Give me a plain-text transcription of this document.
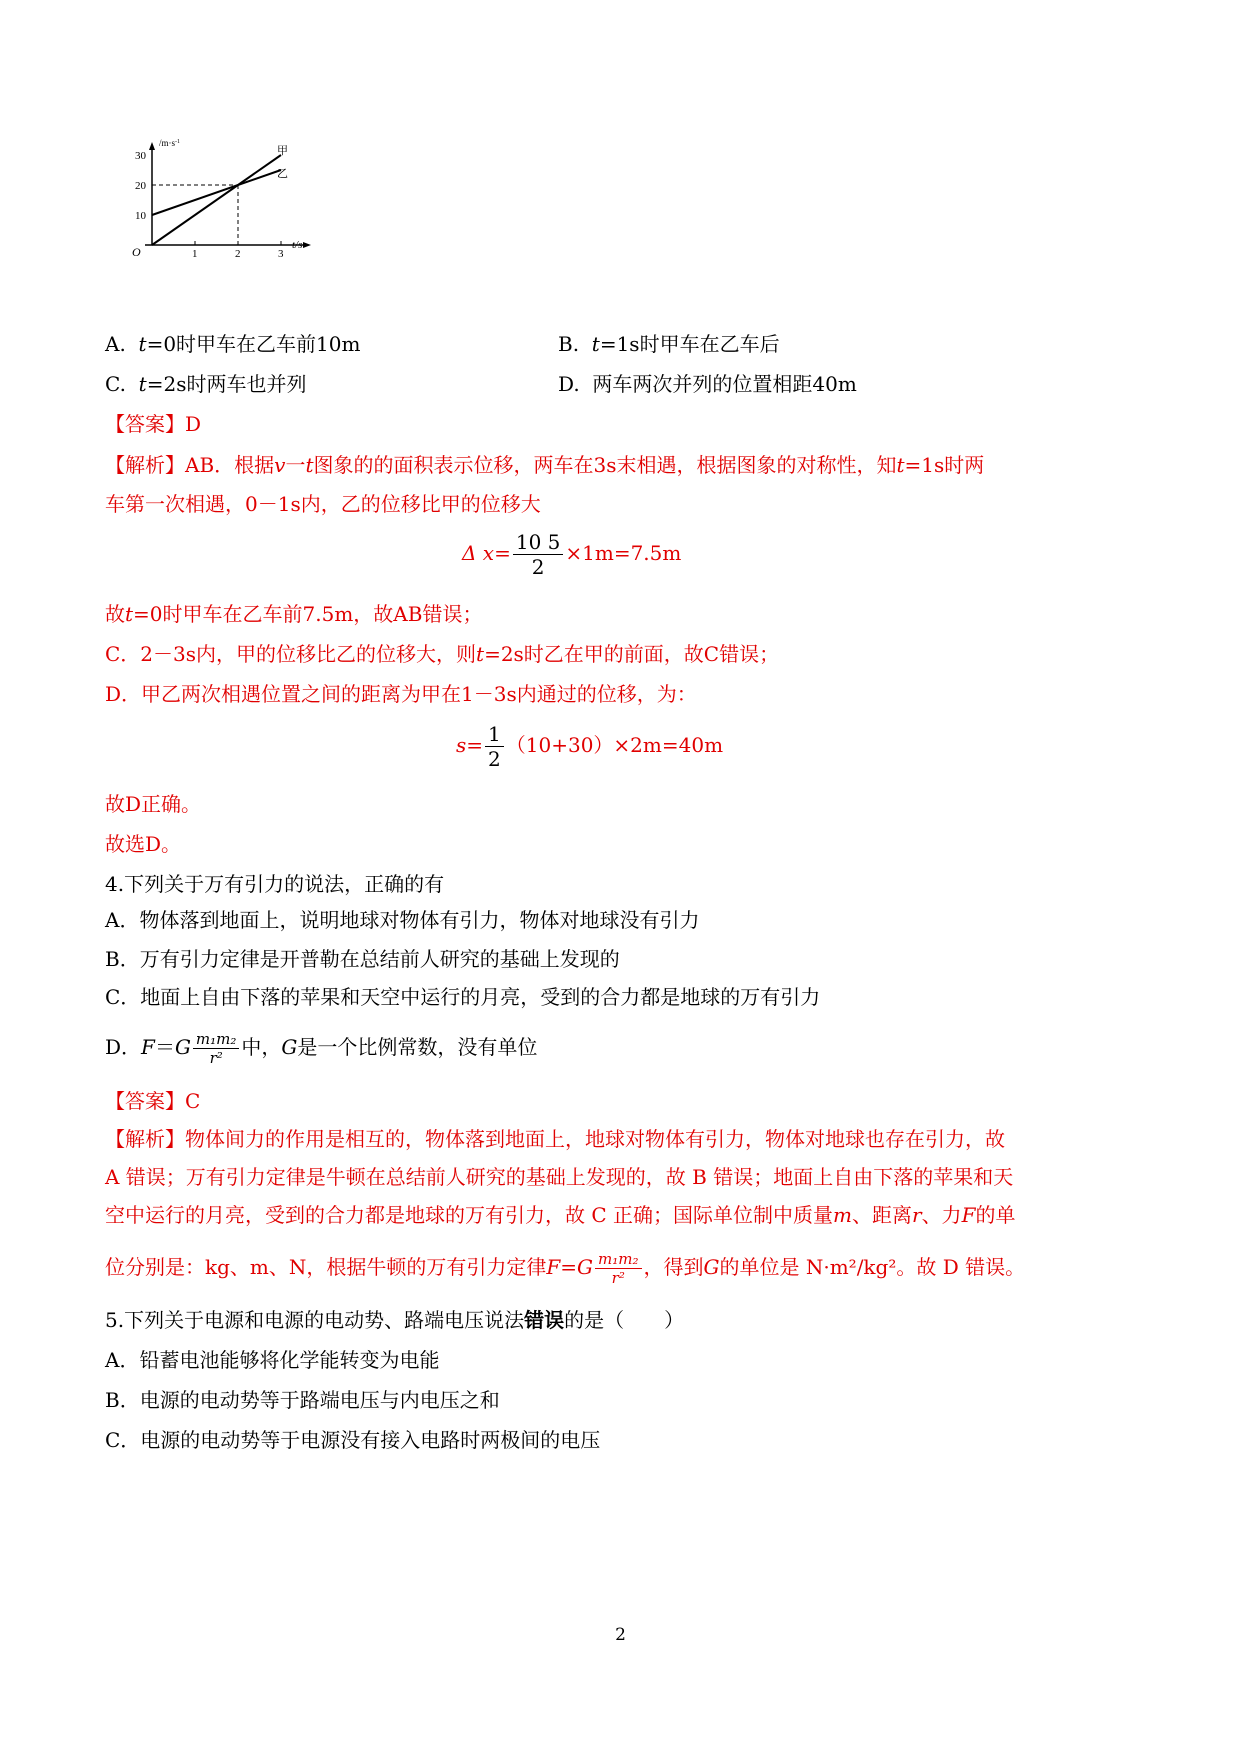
$/m\cdot s^{-1}$
t/s
O
30
20
10
1	2	3
甲
乙
A. t=0时甲车在乙车前10m	B. t=1s时甲车在乙车后
C. t=2s时两车也并列	D. 两车两次并列的位置相距40m
【答案】D
【解析】AB．根据v一t图象的的面积表示位移，两车在3s末相遇，根据图象的对称性，知t=1s时两
车第一次相遇，0－1s内，乙的位移比甲的位移大
Δ $x= \frac{10 5}{2} \times 1m=7.5m$
故t=0时甲车在乙车前7.5m，故AB错误；
C．2－3s内，甲的位移比乙的位移大，则t=2s时乙在甲的前面，故C错误；
D．甲乙两次相遇位置之间的距离为甲在1－3s内通过的位移，为：
$s= \frac{1}{2} (10+30)\times 2m=40m$
故D正确。
故选D。
4.下列关于万有引力的说法，正确的有
A．物体落到地面上，说明地球对物体有引力，物体对地球没有引力
B．万有引力定律是开普勒在总结前人研究的基础上发现的
C．地面上自由下落的苹果和天空中运行的月亮，受到的合力都是地球的万有引力
D．$F=G \frac{\text{m₁m₂}}{\text{r²}}$ 中，G是一个比例常数，没有单位
【答案】C
【解析】物体间力的作用是相互的，物体落到地面上，地球对物体有引力，物体对地球也存在引力，故
A 错误；万有引力定律是牛顿在总结前人研究的基础上发现的，故 B 错误；地面上自由下落的苹果和天
空中运行的月亮，受到的合力都是地球的万有引力，故 C 正确；国际单位制中质量m、距离r、力F的单
位分别是：kg、m、N，根据牛顿的万有引力定律$F=G \frac{\text{m₁m₂}}{\text{r²}}$ ，得到G的单位是 N·m²/kg²。故 D 错误。
5.下列关于电源和电源的电动势、路端电压说法错误的是（　　）
A．铅蓄电池能够将化学能转变为电能
B．电源的电动势等于路端电压与内电压之和
C．电源的电动势等于电源没有接入电路时两极间的电压
2
